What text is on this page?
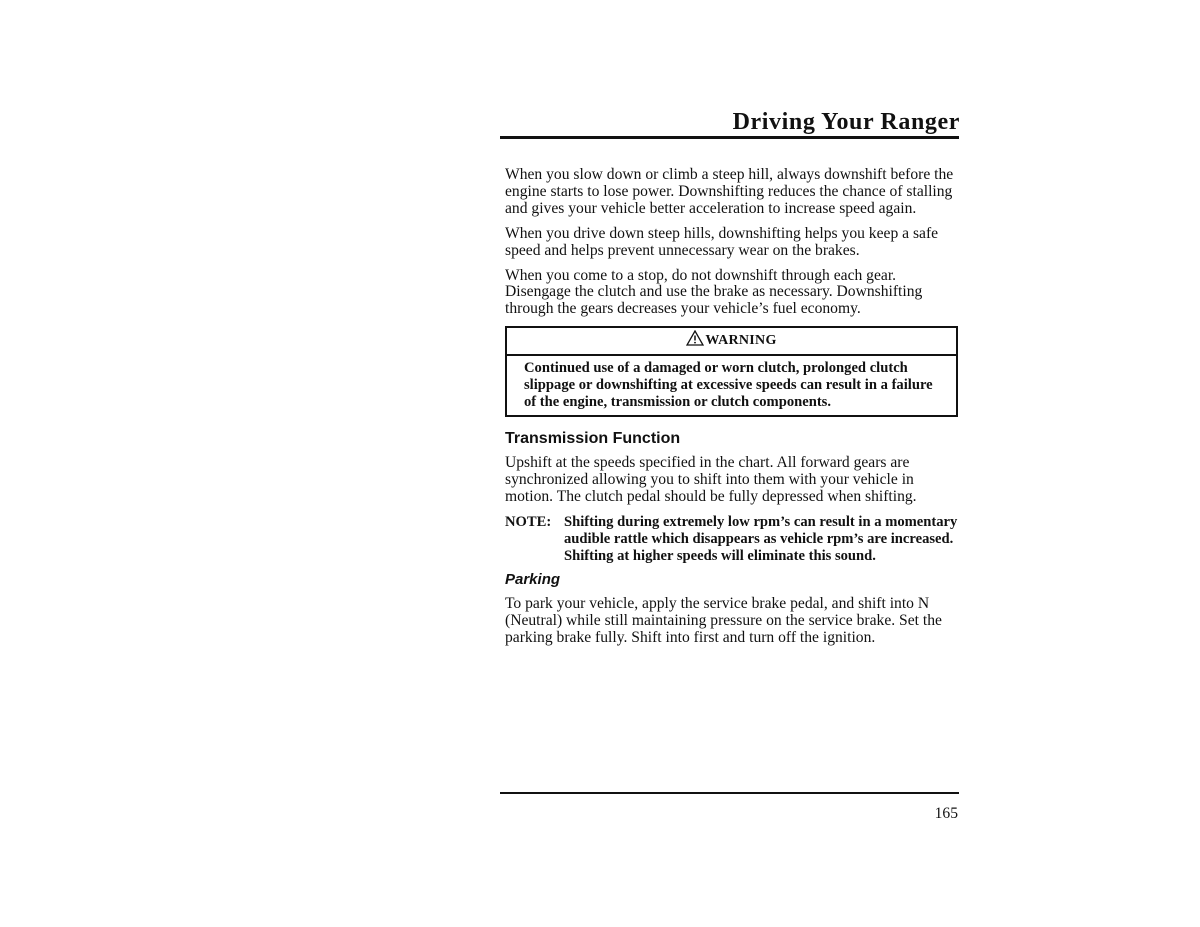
Driving Your Ranger

When you slow down or climb a steep hill, always downshift before the engine starts to lose power. Downshifting reduces the chance of stalling and gives your vehicle better acceleration to increase speed again.

When you drive down steep hills, downshifting helps you keep a safe speed and helps prevent unnecessary wear on the brakes.

When you come to a stop, do not downshift through each gear. Disengage the clutch and use the brake as necessary. Downshifting through the gears decreases your vehicle’s fuel economy.

WARNING
Continued use of a damaged or worn clutch, prolonged clutch slippage or downshifting at excessive speeds can result in a failure of the engine, transmission or clutch components.
Transmission Function

Upshift at the speeds specified in the chart. All forward gears are synchronized allowing you to shift into them with your vehicle in motion. The clutch pedal should be fully depressed when shifting.

NOTE: Shifting during extremely low rpm’s can result in a momentary audible rattle which disappears as vehicle rpm’s are increased. Shifting at higher speeds will eliminate this sound.
Parking

To park your vehicle, apply the service brake pedal, and shift into N (Neutral) while still maintaining pressure on the service brake. Set the parking brake fully. Shift into first and turn off the ignition.

165
